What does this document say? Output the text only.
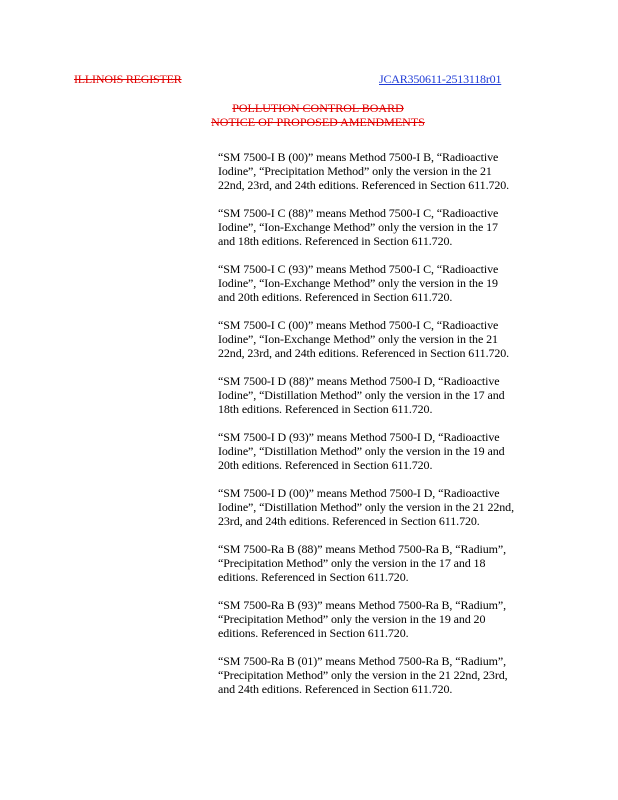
ILLINOIS REGISTER	JCAR350611-2513118r01
POLLUTION CONTROL BOARD
NOTICE OF PROPOSED AMENDMENTS

“SM 7500-I B (00)” means Method 7500-I B, “Radioactive
Iodine”, “Precipitation Method” only the version in the 21
22nd, 23rd, and 24th editions. Referenced in Section 611.720.

“SM 7500-I C (88)” means Method 7500-I C, “Radioactive
Iodine”, “Ion-Exchange Method” only the version in the 17
and 18th editions. Referenced in Section 611.720.

“SM 7500-I C (93)” means Method 7500-I C, “Radioactive
Iodine”, “Ion-Exchange Method” only the version in the 19
and 20th editions. Referenced in Section 611.720.

“SM 7500-I C (00)” means Method 7500-I C, “Radioactive
Iodine”, “Ion-Exchange Method” only the version in the 21
22nd, 23rd, and 24th editions. Referenced in Section 611.720.

“SM 7500-I D (88)” means Method 7500-I D, “Radioactive
Iodine”, “Distillation Method” only the version in the 17 and
18th editions. Referenced in Section 611.720.

“SM 7500-I D (93)” means Method 7500-I D, “Radioactive
Iodine”, “Distillation Method” only the version in the 19 and
20th editions. Referenced in Section 611.720.

“SM 7500-I D (00)” means Method 7500-I D, “Radioactive
Iodine”, “Distillation Method” only the version in the 21 22nd,
23rd, and 24th editions. Referenced in Section 611.720.

“SM 7500-Ra B (88)” means Method 7500-Ra B, “Radium”,
“Precipitation Method” only the version in the 17 and 18
editions. Referenced in Section 611.720.

“SM 7500-Ra B (93)” means Method 7500-Ra B, “Radium”,
“Precipitation Method” only the version in the 19 and 20
editions. Referenced in Section 611.720.

“SM 7500-Ra B (01)” means Method 7500-Ra B, “Radium”,
“Precipitation Method” only the version in the 21 22nd, 23rd,
and 24th editions. Referenced in Section 611.720.
